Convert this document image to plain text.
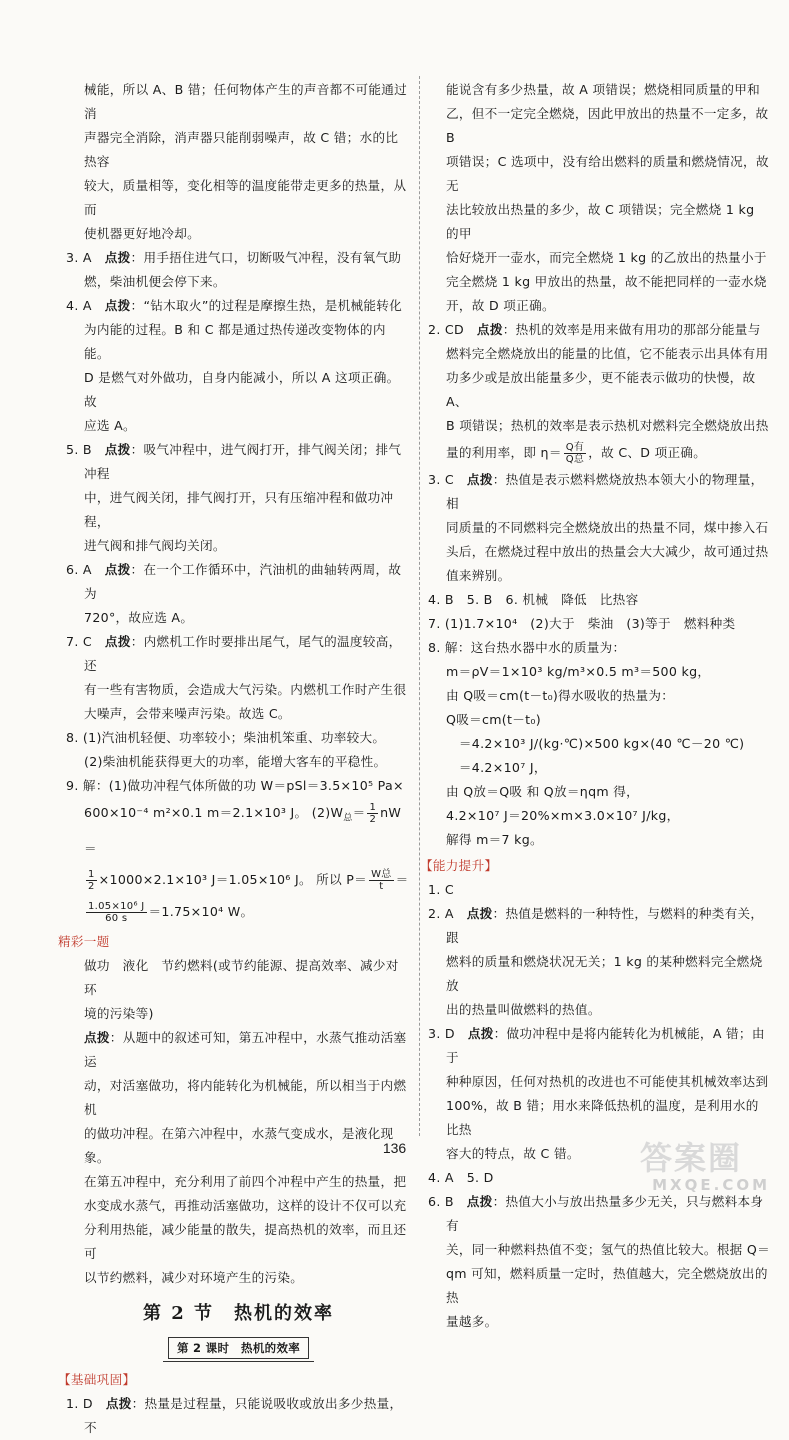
械能，所以 A、B 错；任何物体产生的声音都不可能通过消

声器完全消除，消声器只能削弱噪声，故 C 错；水的比热容

较大，质量相等，变化相等的温度能带走更多的热量，从而

使机器更好地冷却。

3. A　 点拨：用手捂住进气口，切断吸气冲程，没有氧气助

燃，柴油机便会停下来。

4. A　 点拨：“钻木取火”的过程是摩擦生热，是机械能转化

为内能的过程。B 和 C 都是通过热传递改变物体的内能。

D 是燃气对外做功，自身内能减小，所以 A 这项正确。故

应选 A。

5. B　 点拨：吸气冲程中，进气阀打开，排气阀关闭；排气冲程

中，进气阀关闭，排气阀打开，只有压缩冲程和做功冲程，

进气阀和排气阀均关闭。

6. A　 点拨：在一个工作循环中，汽油机的曲轴转两周，故为

720°，故应选 A。

7. C　 点拨：内燃机工作时要排出尾气，尾气的温度较高，还

有一些有害物质，会造成大气污染。内燃机工作时产生很

大噪声，会带来噪声污染。故选 C。

8. (1)汽油机轻便、功率较小；柴油机笨重、功率较大。

(2)柴油机能获得更大的功率，能增大客车的平稳性。

9. 解：(1)做功冲程气体所做的功 W＝pSl＝3.5×10⁵ Pa×

600×10⁻⁴ m²×0.1 m＝2.1×10³ J。 $(2)W_总= \frac{1}{2} nW=$

$\frac{1}{2} \times 1000\times 2.1\times 10^3$ J＝1.05×10⁶ J。 所以 $P= \frac{\text{W总}}{t}$ ＝

$\frac{\text{1.05×10⁶ J}}{60 s} =1.75\times 10^4$ W。

精彩一题

做功　液化　节约燃料(或节约能源、提高效率、减少对环

境的污染等)

点拨：从题中的叙述可知，第五冲程中，水蒸气推动活塞运

动，对活塞做功，将内能转化为机械能，所以相当于内燃机

的做功冲程。在第六冲程中，水蒸气变成水，是液化现象。

在第五冲程中，充分利用了前四个冲程中产生的热量，把

水变成水蒸气，再推动活塞做功，这样的设计不仅可以充

分利用热能，减少能量的散失，提高热机的效率，而且还可

以节约燃料，减少对环境产生的污染。

第 2 节　热机的效率
第 2 课时　热机的效率

【基础巩固】

1. D　 点拨：热量是过程量，只能说吸收或放出多少热量，不

能说含有多少热量，故 A 项错误；燃烧相同质量的甲和

乙，但不一定完全燃烧，因此甲放出的热量不一定多，故 B

项错误；C 选项中，没有给出燃料的质量和燃烧情况，故无

法比较放出热量的多少，故 C 项错误；完全燃烧 1 kg 的甲

恰好烧开一壶水，而完全燃烧 1 kg 的乙放出的热量小于

完全燃烧 1 kg 甲放出的热量，故不能把同样的一壶水烧

开，故 D 项正确。

2. CD　 点拨：热机的效率是用来做有用功的那部分能量与

燃料完全燃烧放出的能量的比值，它不能表示出具体有用

功多少或是放出能量多少，更不能表示做功的快慢，故 A、

B 项错误；热机的效率是表示热机对燃料完全燃烧放出热

量的利用率，即 $\eta= \frac{\text{Q有}}{\text{Q总}}$ ，故 C、D 项正确。

3. C　 点拨：热值是表示燃料燃烧放热本领大小的物理量，相

同质量的不同燃料完全燃烧放出的热量不同，煤中掺入石

头后，在燃烧过程中放出的热量会大大减少，故可通过热

值来辨别。

4. B　5. B　6. 机械　降低　比热容

7. (1)1.7×10⁴　(2)大于　柴油　(3)等于　燃料种类

8. 解：这台热水器中水的质量为：

m＝ρV＝1×10³ kg/m³×0.5 m³＝500 kg，

由 Q吸＝cm(t－t₀)得水吸收的热量为：

Q吸＝cm(t－t₀)

　＝4.2×10³ J/(kg·℃)×500 kg×(40 ℃－20 ℃)

　＝4.2×10⁷ J，

由 Q放＝Q吸 和 Q放＝ηqm 得，

4.2×10⁷ J＝20%×m×3.0×10⁷ J/kg，

解得 m＝7 kg。

【能力提升】

1. C

2. A　 点拨：热值是燃料的一种特性，与燃料的种类有关，跟

燃料的质量和燃烧状况无关；1 kg 的某种燃料完全燃烧放

出的热量叫做燃料的热值。

3. D　 点拨：做功冲程中是将内能转化为机械能，A 错；由于

种种原因，任何对热机的改进也不可能使其机械效率达到

100%，故 B 错；用水来降低热机的温度，是利用水的比热

容大的特点，故 C 错。

4. A　5. D

6. B　 点拨：热值大小与放出热量多少无关，只与燃料本身有

关，同一种燃料热值不变；氢气的热值比较大。根据 Q＝

qm 可知，燃料质量一定时，热值越大，完全燃烧放出的热

量越多。

136	答案圈
MXQE.COM
